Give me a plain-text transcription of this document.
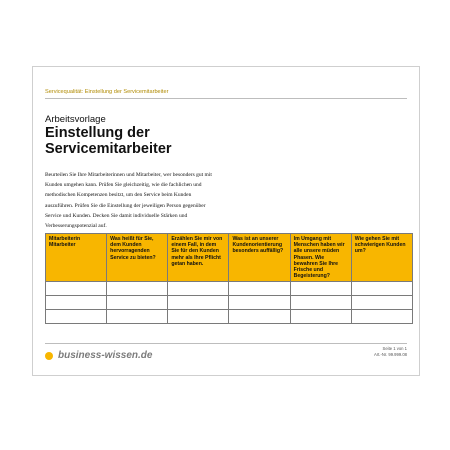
Servicequalität: Einstellung der Servicemitarbeiter
Arbeitsvorlage
Einstellung der
Servicemitarbeiter
Beurteilen Sie Ihre Mitarbeiterinnen und Mitarbeiter, wer besonders gut mit
Kunden umgehen kann. Prüfen Sie gleichzeitig, wie die fachlichen und
methodischen Kompetenzen besitzt, um den Service beim Kunden
auszuführen. Prüfen Sie die Einstellung der jeweiligen Person gegenüber
Service und Kunden. Decken Sie damit individuelle Stärken und
Verbesserungspotenzial auf.
Mitarbeiterin Mitarbeiter	Was heißt für Sie, dem Kunden hervorragenden Service zu bieten?	Erzählen Sie mir von einem Fall, in dem Sie für den Kunden mehr als Ihre Pflicht getan haben.	Was ist an unserer Kundenorientierung besonders auffällig?	Im Umgang mit Menschen haben wir alle unsere müden Phasen. Wie bewahren Sie Ihre Frische und Begeisterung?	Wie gehen Sie mit schwierigen Kunden um?

business-wissen.de
Seite 1 von 1
Art.-Nr. 99.999.08
